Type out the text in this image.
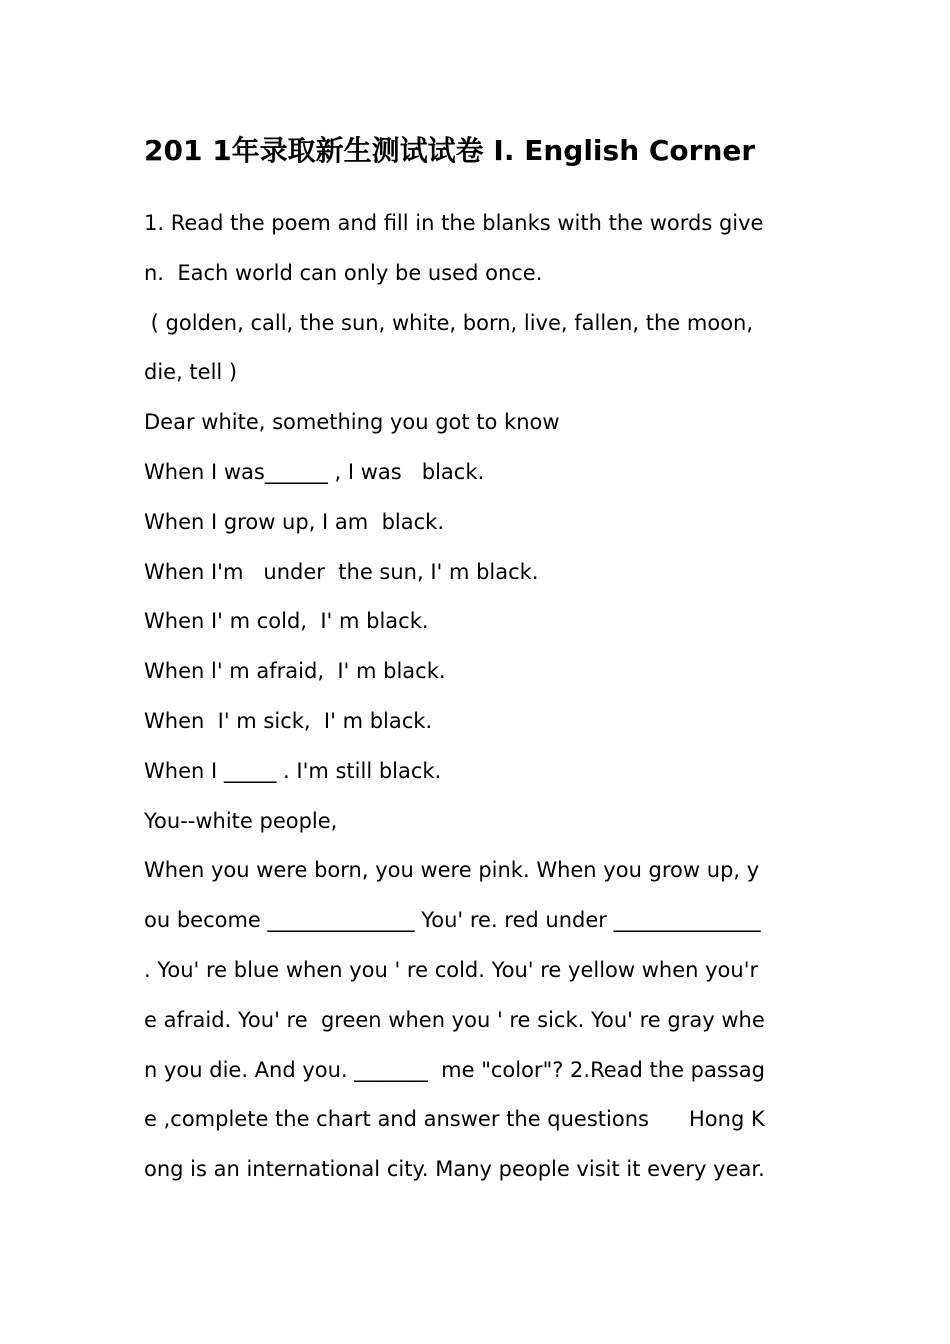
201 1年录取新生测试试卷 I. English Corner

1. Read the poem and fill in the blanks with the words give

n.  Each world can only be used once.

( golden, call, the sun, white, born, live, fallen, the moon,

die, tell )

Dear white, something you got to know

When I was______ , I was   black.

When I grow up, I am  black.

When I'm   under  the sun, I' m black.

When I' m cold,  I' m black.

When l' m afraid,  I' m black.

When  I' m sick,  I' m black.

When I _____ . I'm still black.

You--white people,

When you were born, you were pink. When you grow up, y

ou become ______________ You' re. red under ______________

. You' re blue when you ' re cold. You' re yellow when you'r

e afraid. You' re  green when you ' re sick. You' re gray whe

n you die. And you. _______  me "color"? 2.Read the passag

e ,complete the chart and answer the questions      Hong K

ong is an international city. Many people visit it every year.
